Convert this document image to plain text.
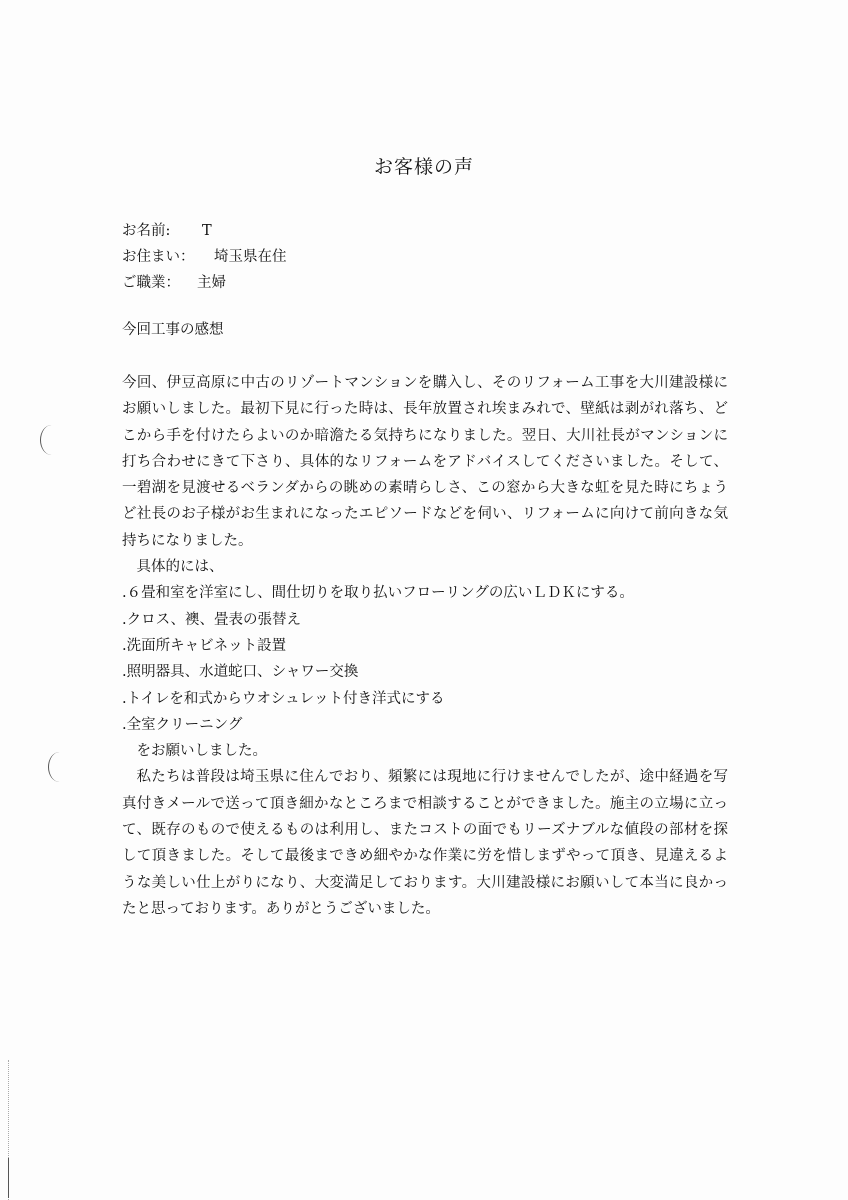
お客様の声
お名前:	T
お住まい：	埼玉県在住
ご職業：	主婦
今回工事の感想

今回、伊豆高原に中古のリゾートマンションを購入し、そのリフォーム工事を大川建設様にお願いしました。最初下見に行った時は、長年放置され埃まみれで、壁紙は剥がれ落ち、どこから手を付けたらよいのか暗澹たる気持ちになりました。翌日、大川社長がマンションに打ち合わせにきて下さり、具体的なリフォームをアドバイスしてくださいました。そして、一碧湖を見渡せるベランダからの眺めの素晴らしさ、この窓から大きな虹を見た時にちょうど社長のお子様がお生まれになったエピソードなどを伺い、リフォームに向けて前向きな気持ちになりました。

具体的には、

.６畳和室を洋室にし、間仕切りを取り払いフローリングの広いＬＤＫにする。

.クロス、襖、畳表の張替え

.洗面所キャビネット設置

.照明器具、水道蛇口、シャワー交換

.トイレを和式からウオシュレット付き洋式にする

.全室クリーニング

をお願いしました。

私たちは普段は埼玉県に住んでおり、頻繁には現地に行けませんでしたが、途中経過を写真付きメールで送って頂き細かなところまで相談することができました。施主の立場に立って、既存のもので使えるものは利用し、またコストの面でもリーズナブルな値段の部材を探して頂きました。そして最後まできめ細やかな作業に労を惜しまずやって頂き、見違えるような美しい仕上がりになり、大変満足しております。大川建設様にお願いして本当に良かったと思っております。ありがとうございました。
